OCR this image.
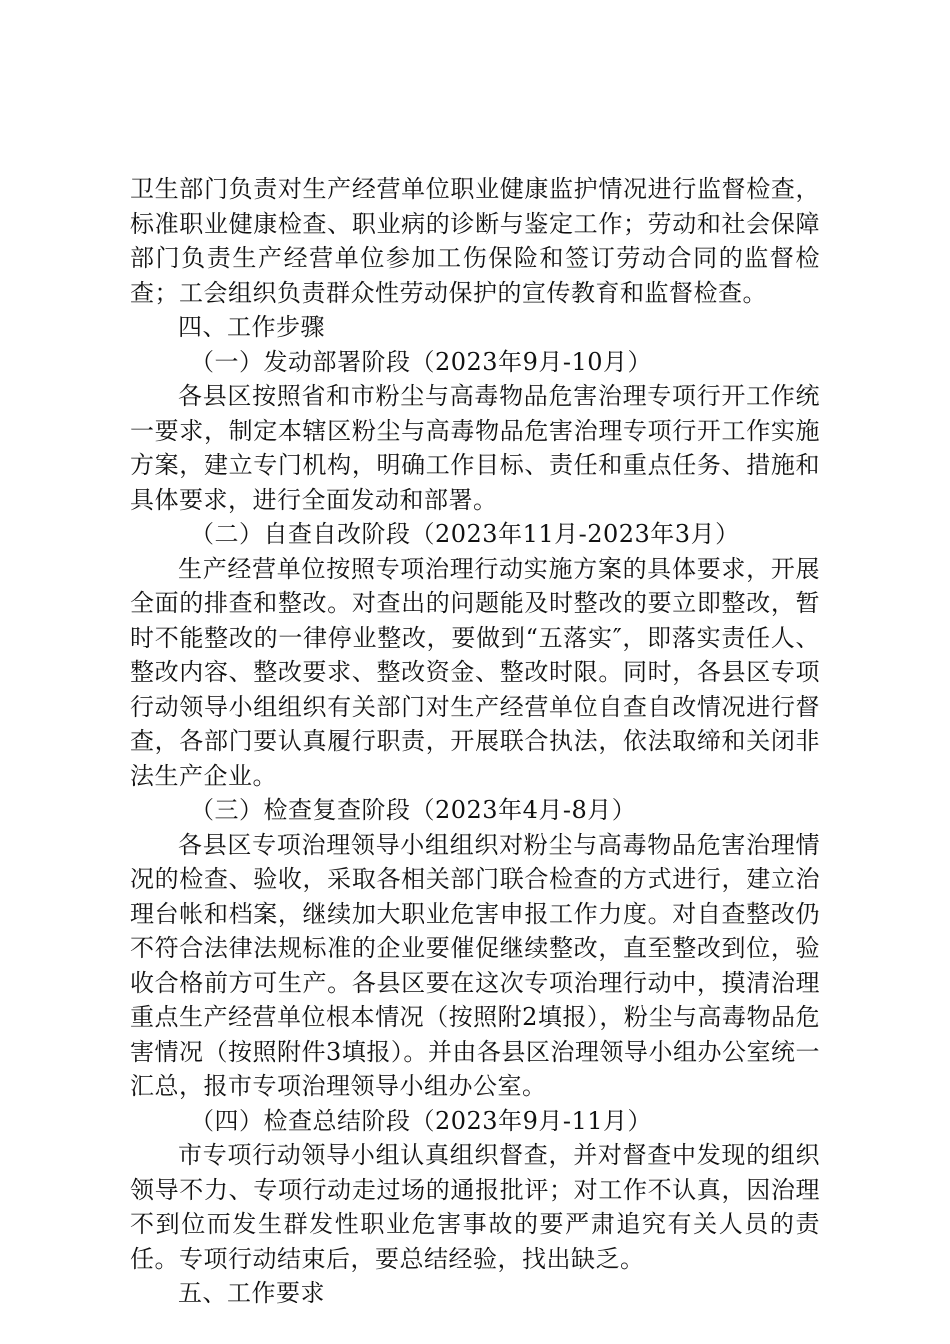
卫生部门负责对生产经营单位职业健康监护情况进行监督检查，标准职业健康检查、职业病的诊断与鉴定工作；劳动和社会保障部门负责生产经营单位参加工伤保险和签订劳动合同的监督检查；工会组织负责群众性劳动保护的宣传教育和监督检查。

四、工作步骤

（一）发动部署阶段（2023年9月-10月）

各县区按照省和市粉尘与高毒物品危害治理专项行开工作统一要求，制定本辖区粉尘与高毒物品危害治理专项行开工作实施方案，建立专门机构，明确工作目标、责任和重点任务、措施和具体要求，进行全面发动和部署。

（二）自查自改阶段（2023年11月-2023年3月）

生产经营单位按照专项治理行动实施方案的具体要求，开展全面的排查和整改。对查出的问题能及时整改的要立即整改，暂时不能整改的一律停业整改，要做到“五落实″，即落实责任人、整改内容、整改要求、整改资金、整改时限。同时，各县区专项行动领导小组组织有关部门对生产经营单位自查自改情况进行督查，各部门要认真履行职责，开展联合执法，依法取缔和关闭非法生产企业。

（三）检查复查阶段（2023年4月-8月）

各县区专项治理领导小组组织对粉尘与高毒物品危害治理情况的检查、验收，采取各相关部门联合检查的方式进行，建立治理台帐和档案，继续加大职业危害申报工作力度。对自查整改仍不符合法律法规标准的企业要催促继续整改，直至整改到位，验收合格前方可生产。各县区要在这次专项治理行动中，摸清治理重点生产经营单位根本情况（按照附2填报），粉尘与高毒物品危害情况（按照附件3填报）。并由各县区治理领导小组办公室统一汇总，报市专项治理领导小组办公室。

（四）检查总结阶段（2023年9月-11月）

市专项行动领导小组认真组织督查，并对督查中发现的组织领导不力、专项行动走过场的通报批评；对工作不认真，因治理不到位而发生群发性职业危害事故的要严肃追究有关人员的责任。专项行动结束后，要总结经验，找出缺乏。

五、工作要求
